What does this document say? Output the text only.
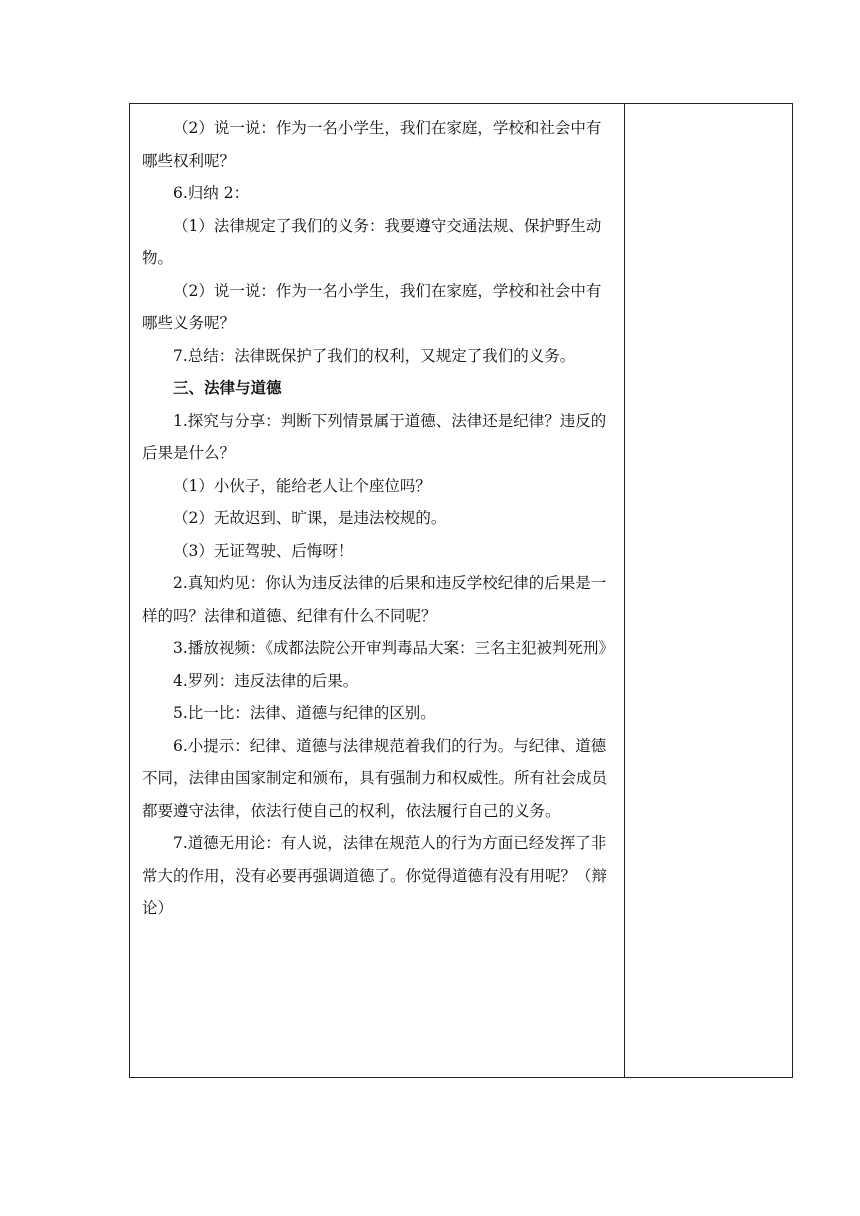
（2）说一说：作为一名小学生，我们在家庭，学校和社会中有哪些权利呢？

6.归纳 2：

（1）法律规定了我们的义务：我要遵守交通法规、保护野生动物。

（2）说一说：作为一名小学生，我们在家庭，学校和社会中有哪些义务呢？

7.总结：法律既保护了我们的权利，又规定了我们的义务。

三、法律与道德

1.探究与分享：判断下列情景属于道德、法律还是纪律？违反的后果是什么？

（1）小伙子，能给老人让个座位吗？

（2）无故迟到、旷课，是违法校规的。

（3）无证驾驶、后悔呀！

2.真知灼见：你认为违反法律的后果和违反学校纪律的后果是一样的吗？法律和道德、纪律有什么不同呢？

3.播放视频：《成都法院公开审判毒品大案：三名主犯被判死刑》

4.罗列：违反法律的后果。

5.比一比：法律、道德与纪律的区别。

6.小提示：纪律、道德与法律规范着我们的行为。与纪律、道德不同，法律由国家制定和颁布，具有强制力和权威性。所有社会成员都要遵守法律，依法行使自己的权利，依法履行自己的义务。

7.道德无用论：有人说，法律在规范人的行为方面已经发挥了非常大的作用，没有必要再强调道德了。你觉得道德有没有用呢？（辩论）
